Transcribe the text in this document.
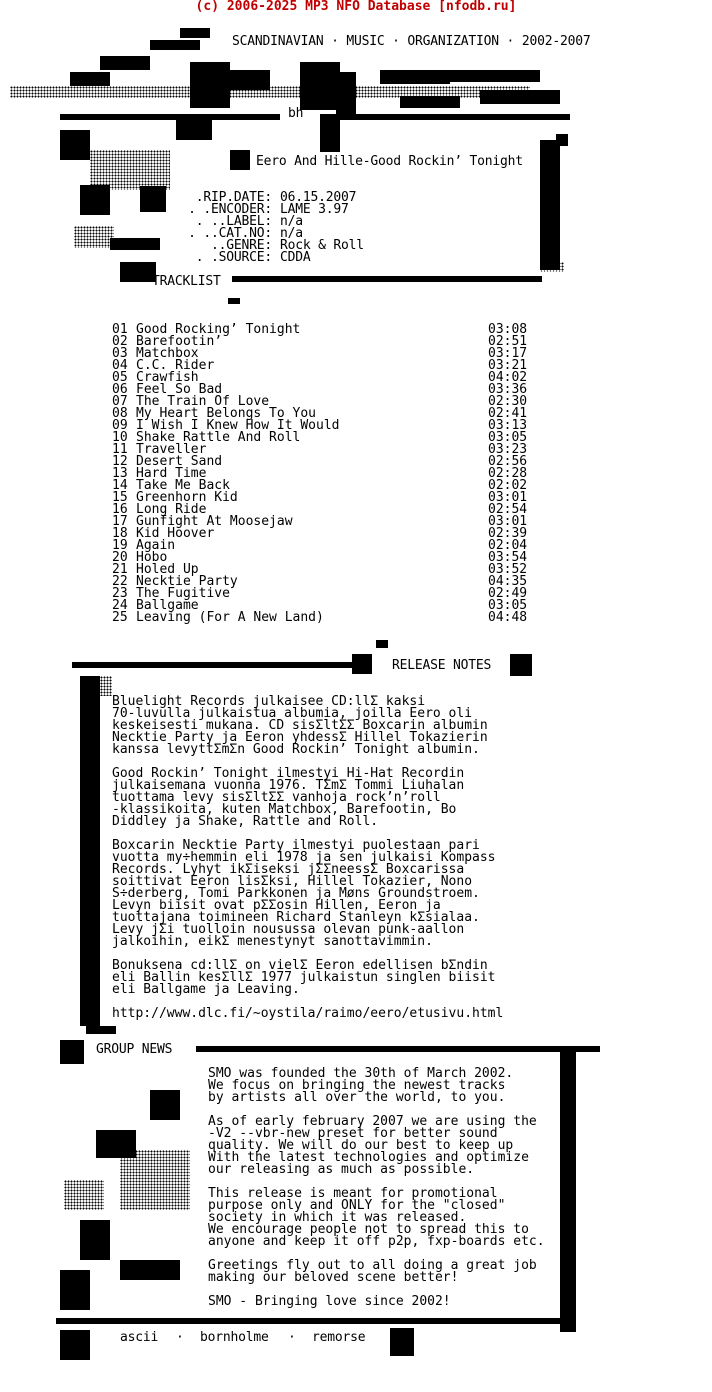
(c) 2006-2025 MP3 NFO Database [nfodb.ru]
SCANDINAVIAN · MUSIC · ORGANIZATION · 2002-2007
bh
Eero And Hille-Good Rockin’ Tonight

.RIP.DATE:

06.15.2007

. .ENCODER:

LAME 3.97

. ..LABEL:

n/a

. ..CAT.NO:

n/a

..GENRE:

Rock & Roll

. .SOURCE:

CDDA

TRACKLIST
01 Good Rocking’ Tonight	03:08
02 Barefootin’	02:51
03 Matchbox	03:17
04 C.C. Rider	03:21
05 Crawfish	04:02
06 Feel So Bad	03:36
07 The Train Of Love	02:30
08 My Heart Belongs To You	02:41
09 I Wish I Knew How It Would	03:13
10 Shake Rattle And Roll	03:05
11 Traveller	03:23
12 Desert Sand	02:56
13 Hard Time	02:28
14 Take Me Back	02:02
15 Greenhorn Kid	03:01
16 Long Ride	02:54
17 Gunfight At Moosejaw	03:01
18 Kid Hoover	02:39
19 Again	02:04
20 Hobo	03:54
21 Holed Up	03:52
22 Necktie Party	04:35
23 The Fugitive	02:49
24 Ballgame	03:05
25 Leaving (For A New Land)	04:48
RELEASE NOTES
Bluelight Records julkaisee CD:llΣ kaksi
70-luvulla julkaistua albumia, joilla Eero oli
keskeisesti mukana. CD sisΣltΣΣ Boxcarin albumin
Necktie Party ja Eeron yhdessΣ Hillel Tokazierin
kanssa levyttΣmΣn Good Rockin’ Tonight albumin.
Good Rockin’ Tonight ilmestyi Hi-Hat Recordin
julkaisemana vuonna 1976. TΣmΣ Tommi Liuhalan
tuottama levy sisΣltΣΣ vanhoja rock’n’roll
-klassikoita, kuten Matchbox, Barefootin, Bo
Diddley ja Shake, Rattle and Roll.
Boxcarin Necktie Party ilmestyi puolestaan pari
vuotta my÷hemmin eli 1978 ja sen julkaisi Kompass
Records. Lyhyt ikΣiseksi jΣΣneessΣ Boxcarissa
soittivat Eeron lisΣksi, Hillel Tokazier, Nono
S÷derberg, Tomi Parkkonen ja Møns Groundstroem.
Levyn biisit ovat pΣΣosin Hillen, Eeron ja
tuottajana toimineen Richard Stanleyn kΣsialaa.
Levy jΣi tuolloin nousussa olevan punk-aallon
jalkoihin, eikΣ menestynyt sanottavimmin.
Bonuksena cd:llΣ on vielΣ Eeron edellisen bΣndin
eli Ballin kesΣllΣ 1977 julkaistun singlen biisit
eli Ballgame ja Leaving.
http://www.dlc.fi/~oystila/raimo/eero/etusivu.html
GROUP NEWS
SMO was founded the 30th of March 2002.
We focus on bringing the newest tracks
by artists all over the world, to you.
As of early february 2007 we are using the
-V2 --vbr-new preset for better sound
quality. We will do our best to keep up
With the latest technologies and optimize
our releasing as much as possible.
This release is meant for promotional
purpose only and ONLY for the "closed"
society in which it was released.
We encourage people not to spread this to
anyone and keep it off p2p, fxp-boards etc.
Greetings fly out to all doing a great job
making our beloved scene better!
SMO - Bringing love since 2002!
ascii · bornholme · remorse
